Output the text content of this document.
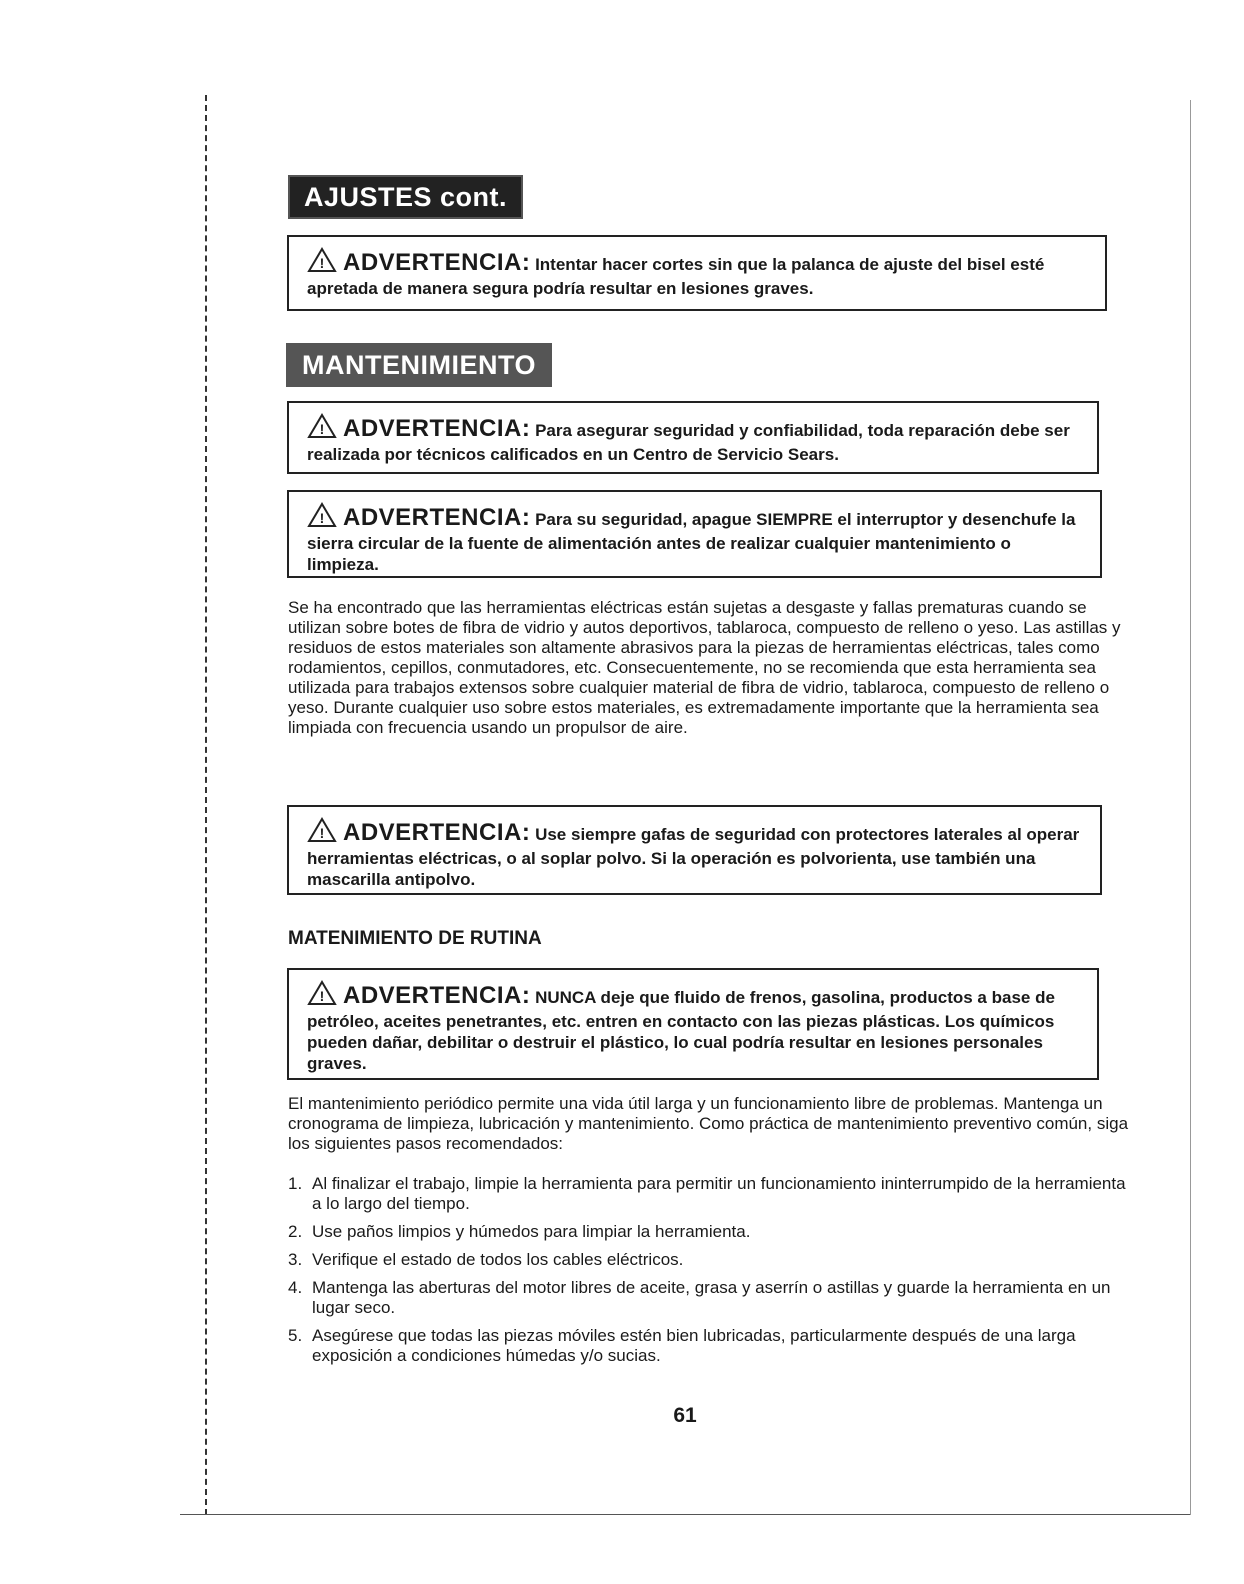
AJUSTES cont.
! ADVERTENCIA: Intentar hacer cortes sin que la palanca de ajuste del bisel esté apretada de manera segura podría resultar en lesiones graves.
MANTENIMIENTO
! ADVERTENCIA: Para asegurar seguridad y confiabilidad, toda reparación debe ser realizada por técnicos calificados en un Centro de Servicio Sears.
! ADVERTENCIA: Para su seguridad, apague SIEMPRE el interruptor y desenchufe la sierra circular de la fuente de alimentación antes de realizar cualquier mantenimiento o limpieza.
Se ha encontrado que las herramientas eléctricas están sujetas a desgaste y fallas prematuras cuando se utilizan sobre botes de fibra de vidrio y autos deportivos, tablaroca, compuesto de relleno o yeso. Las astillas y residuos de estos materiales son altamente abrasivos para la piezas de herramientas eléctricas, tales como rodamientos, cepillos, conmutadores, etc. Consecuentemente, no se recomienda que esta herramienta sea utilizada para trabajos extensos sobre cualquier material de fibra de vidrio, tablaroca, compuesto de relleno o yeso. Durante cualquier uso sobre estos materiales, es extremadamente importante que la herramienta sea limpiada con frecuencia usando un propulsor de aire.
! ADVERTENCIA: Use siempre gafas de seguridad con protectores laterales al operar herramientas eléctricas, o al soplar polvo. Si la operación es polvorienta, use también una mascarilla antipolvo.
MATENIMIENTO DE RUTINA
! ADVERTENCIA: NUNCA deje que fluido de frenos, gasolina, productos a base de petróleo, aceites penetrantes, etc. entren en contacto con las piezas plásticas. Los químicos pueden dañar, debilitar o destruir el plástico, lo cual podría resultar en lesiones personales graves.
El mantenimiento periódico permite una vida útil larga y un funcionamiento libre de problemas. Mantenga un cronograma de limpieza, lubricación y mantenimiento. Como práctica de mantenimiento preventivo común, siga los siguientes pasos recomendados:
1. Al finalizar el trabajo, limpie la herramienta para permitir un funcionamiento ininterrumpido de la herramienta a lo largo del tiempo.
2. Use paños limpios y húmedos para limpiar la herramienta.
3. Verifique el estado de todos los cables eléctricos.
4. Mantenga las aberturas del motor libres de aceite, grasa y aserrín o astillas y guarde la herramienta en un lugar seco.
5. Asegúrese que todas las piezas móviles estén bien lubricadas, particularmente después de una larga exposición a condiciones húmedas y/o sucias.
61
